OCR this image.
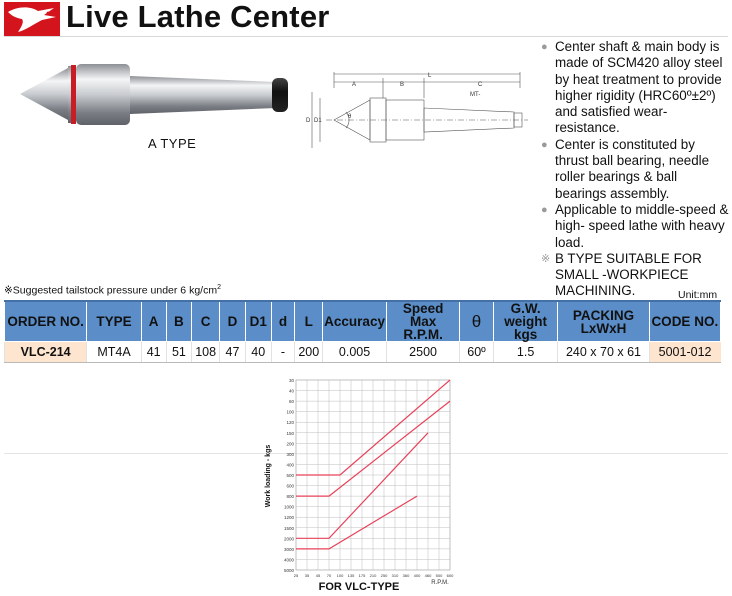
Live Lathe Center
A TYPE
A	B	C
L
D D1
MT-
θ
● Center shaft & main body is made of SCM420 alloy steel by heat treatment to provide higher rigidity (HRC60º±2º) and satisfied wear- resistance.
● Center is constituted by thrust ball bearing, needle roller bearings & ball bearings assembly.
● Applicable to middle-speed & high- speed lathe with heavy load.
※ B TYPE SUITABLE FOR SMALL -WORKPIECE MACHINING.
※Suggested tailstock pressure under 6 $kg/cm^2$
Unit:mm
ORDER NO.	TYPE	A	B	C	D	D1	d	L	Accuracy	Speed
Max
R.P.M.	θ	G.W.
weight kgs	PACKING
LxWxH	CODE NO.
VLC-214	MT4A	41	51	108	47	40	-	200	0.005	2500	60º	1.5	240 x 70 x 61	5001-012
30
40
60
100
120
150
200
300
400
500
600
800
1000
1200
1500
2000
3000
4000
5000
25 35 45 70 100 135 175 210 250 310 360 400 460 500 600
Work loading - kgs
FOR VLC-TYPE	R.P.M.
